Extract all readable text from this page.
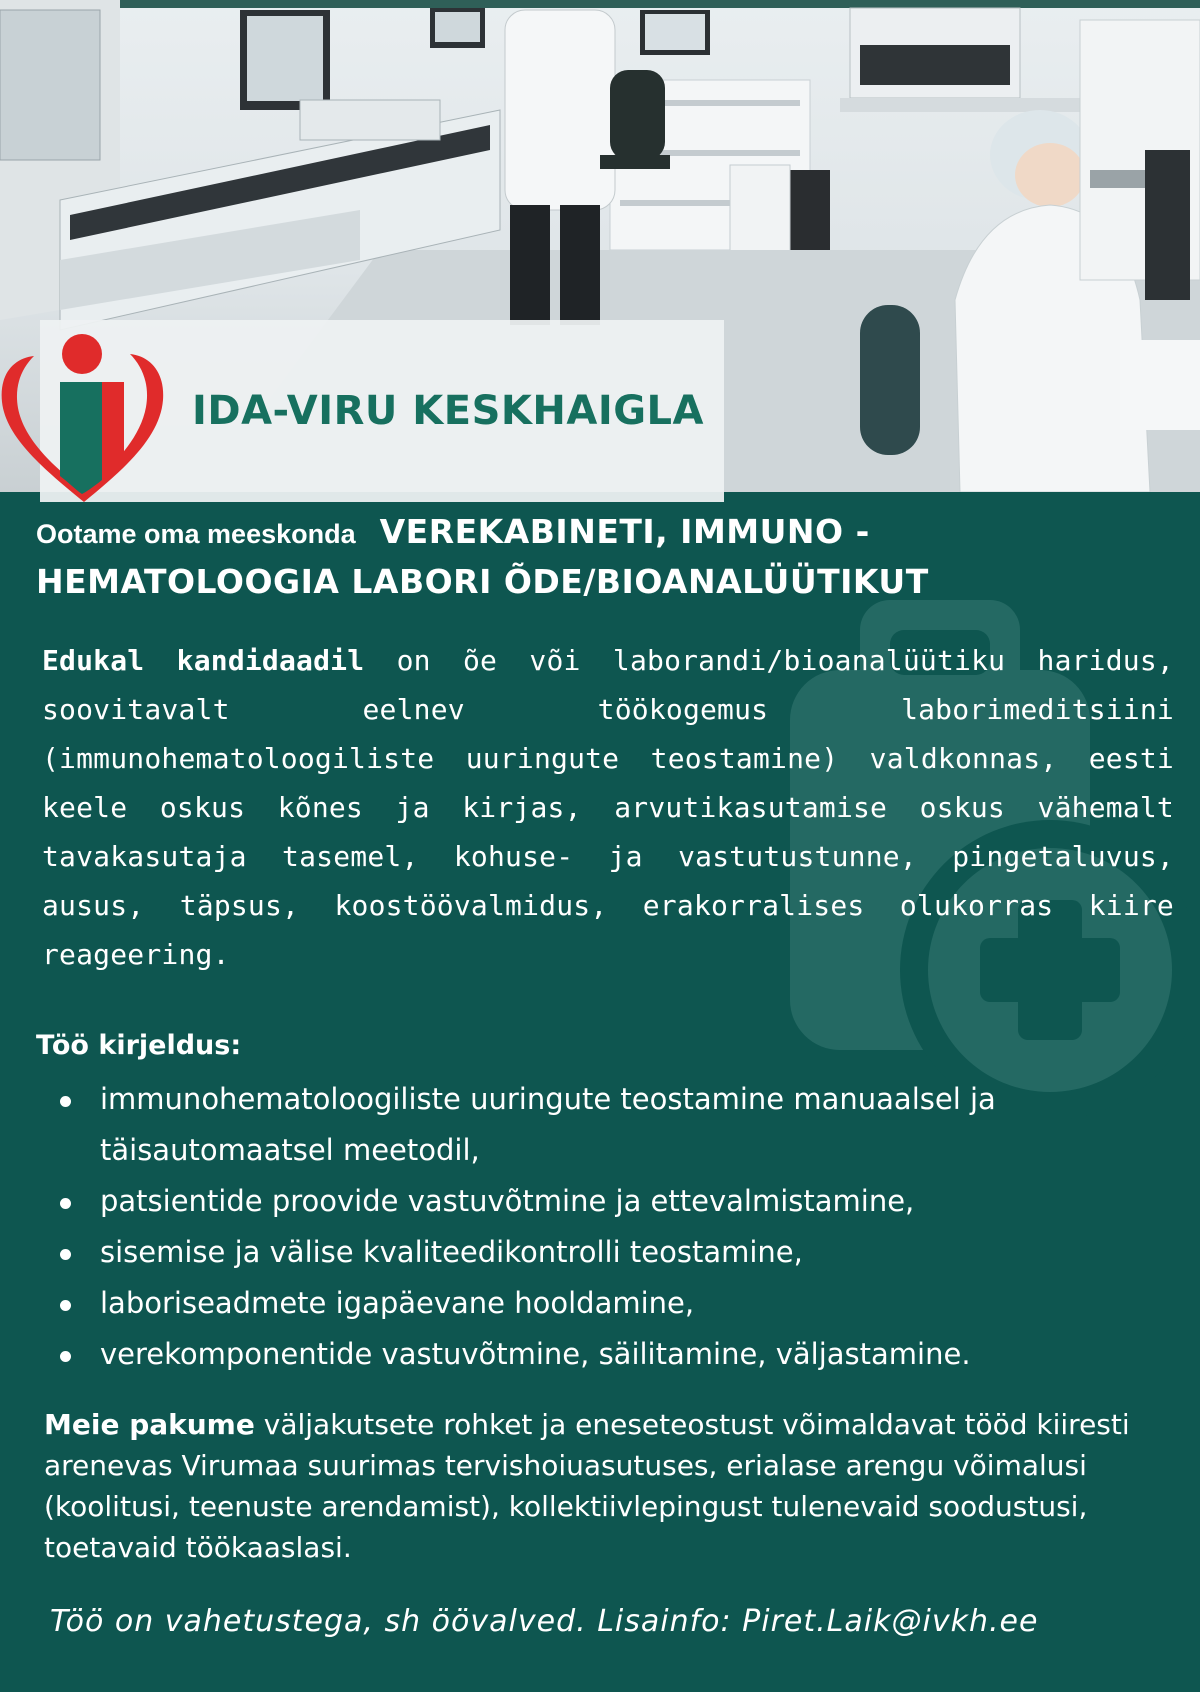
IDA-VIRU KESKHAIGLA
Ootame oma meeskonda VEREKABINETI, IMMUNO -
HEMATOLOOGIA LABORI ÕDE/BIOANALÜÜTIKUT
Edukal kandidaadil on õe või laborandi/bioanalüütiku haridus, soovitavalt eelnev töökogemus laborimeditsiini (immunohematoloogiliste uuringute teostamine) valdkonnas, eesti keele oskus kõnes ja kirjas, arvutikasutamise oskus vähemalt tavakasutaja tasemel, kohuse- ja vastutustunne, pingetaluvus, ausus, täpsus, koostöövalmidus, erakorralises olukorras kiire reageering.
Töö kirjeldus:
immunohematoloogiliste uuringute teostamine manuaalsel ja täisautomaatsel meetodil,
patsientide proovide vastuvõtmine ja ettevalmistamine,
sisemise ja välise kvaliteedikontrolli teostamine,
laboriseadmete igapäevane hooldamine,
verekomponentide vastuvõtmine, säilitamine, väljastamine.
Meie pakume väljakutsete rohket ja eneseteostust võimaldavat tööd kiiresti arenevas Virumaa suurimas tervishoiuasutuses, erialase arengu võimalusi (koolitusi, teenuste arendamist), kollektiivlepingust tulenevaid soodustusi, toetavaid töökaaslasi.
Töö on vahetustega, sh öövalved. Lisainfo: Piret.Laik@ivkh.ee
